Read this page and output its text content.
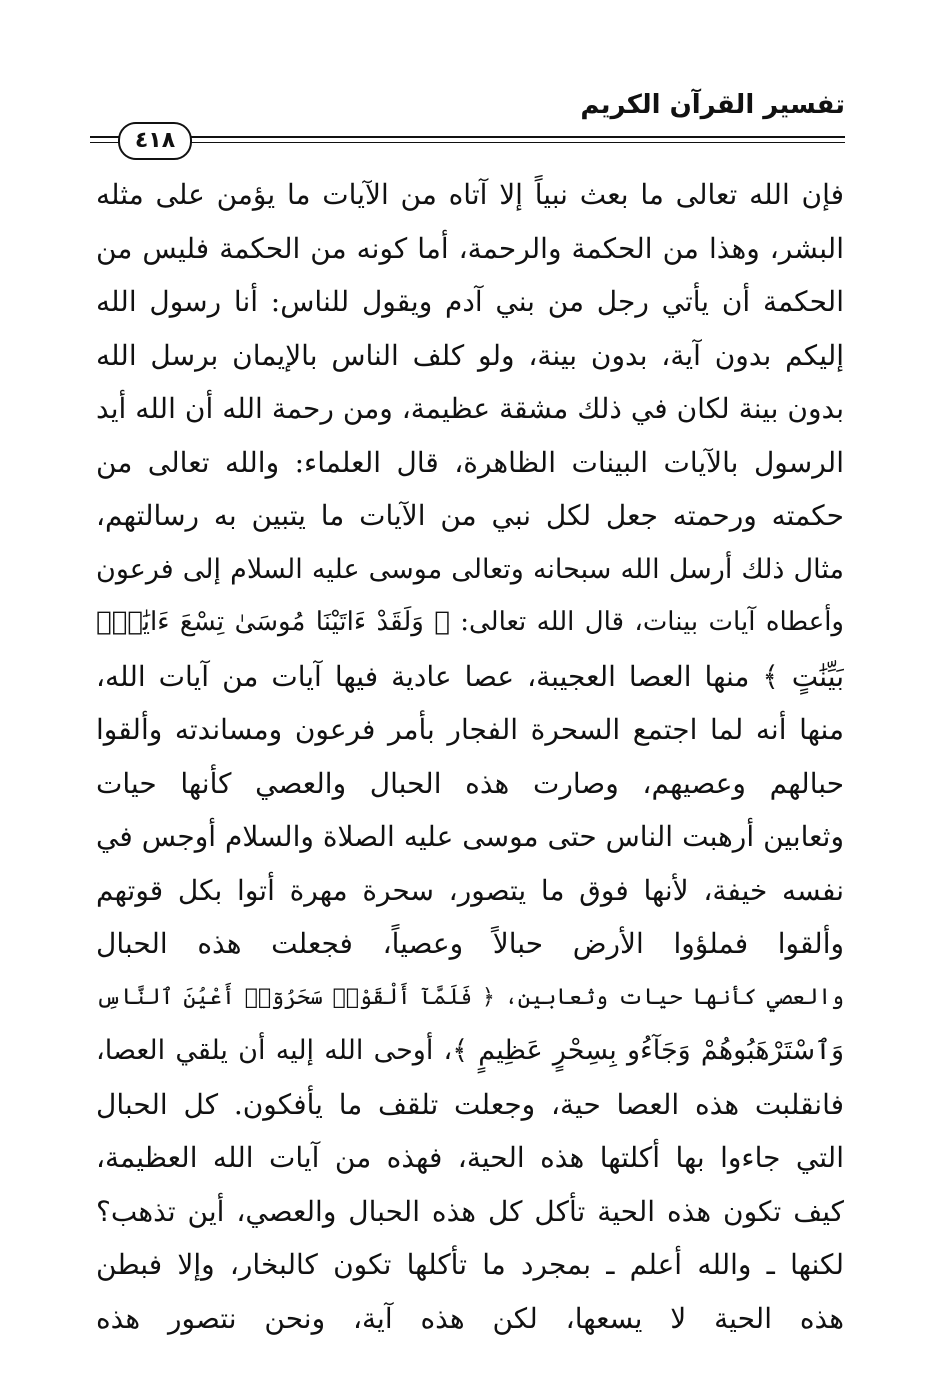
تفسير القرآن الكريم
٤١٨
فإن الله تعالى ما بعث نبياً إلا آتاه من الآيات ما يؤمن على مثله
البشر، وهذا من الحكمة والرحمة، أما كونه من الحكمة فليس من
الحكمة أن يأتي رجل من بني آدم ويقول للناس: أنا رسول الله
إليكم بدون آية، بدون بينة، ولو كلف الناس بالإيمان برسل الله
بدون بينة لكان في ذلك مشقة عظيمة، ومن رحمة الله أن الله أيد
الرسول بالآيات البينات الظاهرة، قال العلماء: والله تعالى من
حكمته ورحمته جعل لكل نبي من الآيات ما يتبين به رسالتهم،
مثال ذلك أرسل الله سبحانه وتعالى موسى عليه السلام إلى فرعون
وأعطاه آيات بينات، قال الله تعالى: ﴿ وَلَقَدْ ءَاتَيْنَا مُوسَىٰ تِسْعَ ءَايَٰتٍۭ
بَيِّنَٰتٍ ﴾ منها العصا العجيبة، عصا عادية فيها آيات من آيات الله،
منها أنه لما اجتمع السحرة الفجار بأمر فرعون ومساندته وألقوا
حبالهم وعصيهم، وصارت هذه الحبال والعصي كأنها حيات
وثعابين أرهبت الناس حتى موسى عليه الصلاة والسلام أوجس في
نفسه خيفة، لأنها فوق ما يتصور، سحرة مهرة أتوا بكل قوتهم
وألقوا فملؤوا الأرض حبالاً وعصياً، فجعلت هذه الحبال
والعصي كأنها حيات وثعابين، ﴿ فَلَمَّآ أَلْقَوْا۟ سَحَرُوٓا۟ أَعْيُنَ ٱلنَّاسِ
وَٱسْتَرْهَبُوهُمْ وَجَآءُو بِسِحْرٍ عَظِيمٍ ﴾، أوحى الله إليه أن يلقي العصا،
فانقلبت هذه العصا حية، وجعلت تلقف ما يأفكون. كل الحبال
التي جاءوا بها أكلتها هذه الحية، فهذه من آيات الله العظيمة،
كيف تكون هذه الحية تأكل كل هذه الحبال والعصي، أين تذهب؟
لكنها ـ والله أعلم ـ بمجرد ما تأكلها تكون كالبخار، وإلا فبطن
هذه الحية لا يسعها، لكن هذه آية، ونحن نتصور هذه
